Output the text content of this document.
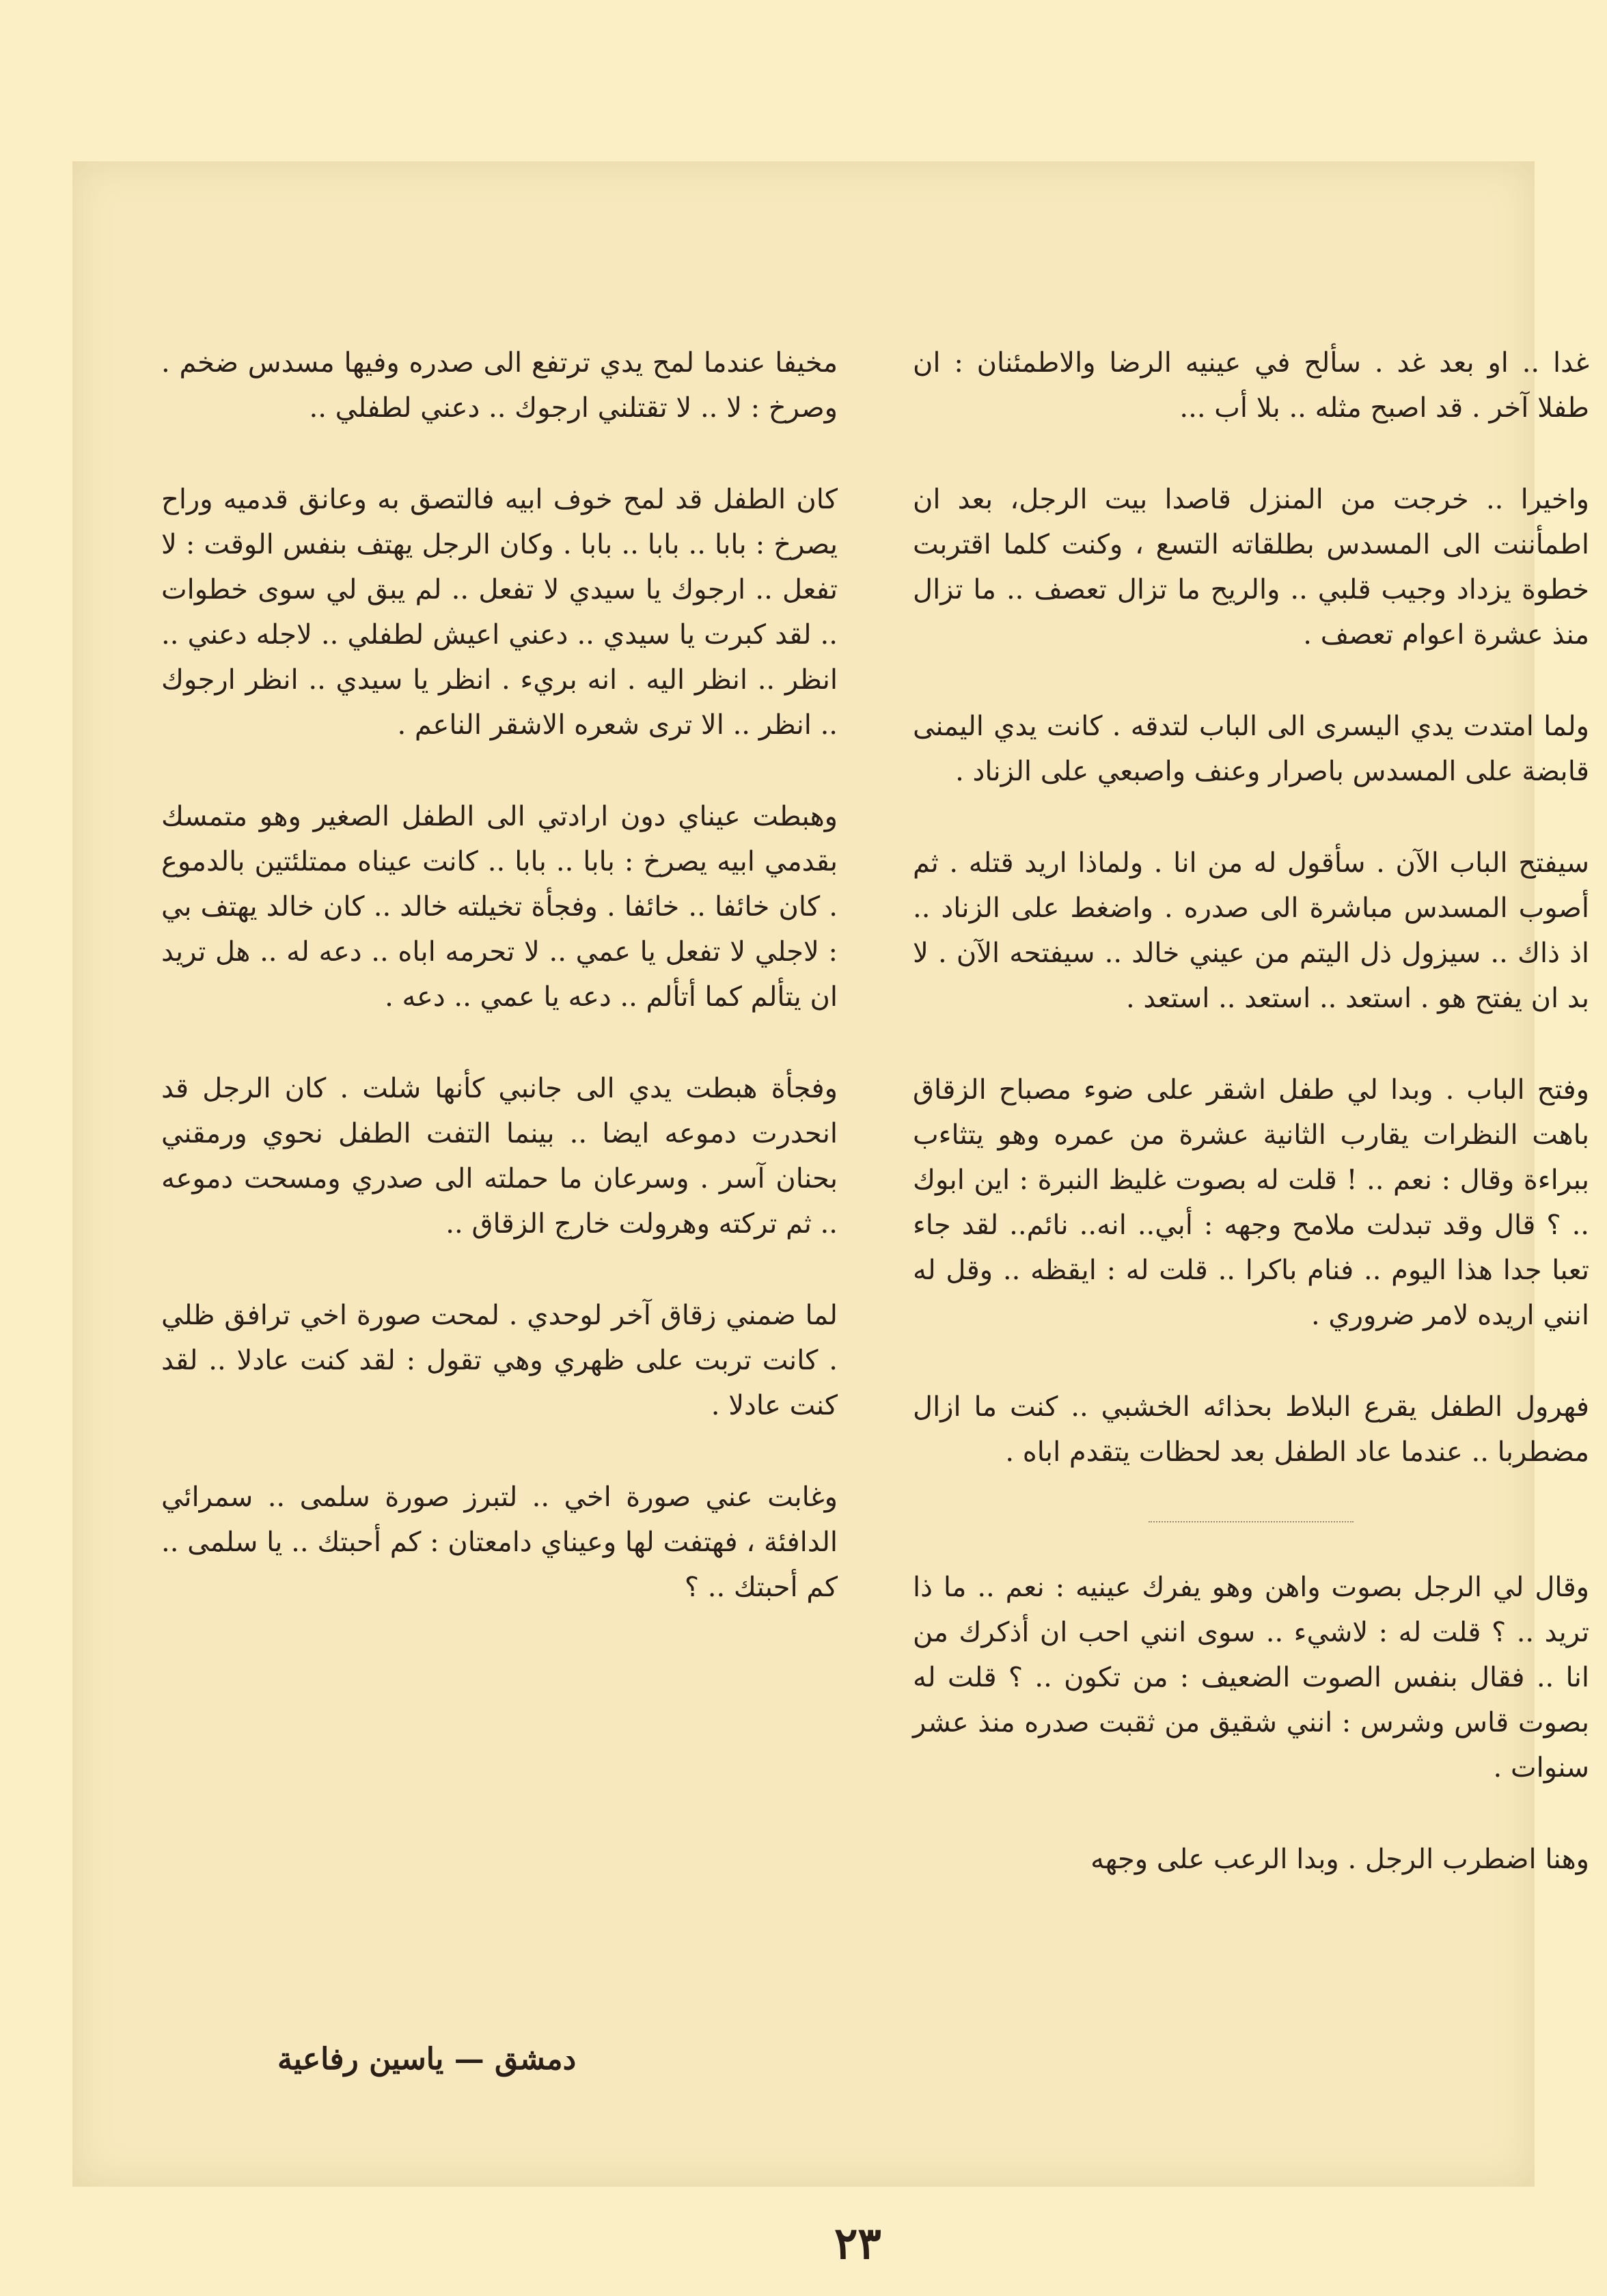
غدا .. او بعد غد . سألح في عينيه الرضا والاطمئنان : ان طفلا آخر . قد اصبح مثله .. بلا أب ...

واخيرا .. خرجت من المنزل قاصدا بيت الرجل، بعد ان اطمأننت الى المسدس بطلقاته التسع ، وكنت كلما اقتربت خطوة يزداد وجيب قلبي .. والريح ما تزال تعصف .. ما تزال منذ عشرة اعوام تعصف .

ولما امتدت يدي اليسرى الى الباب لتدقه . كانت يدي اليمنى قابضة على المسدس باصرار وعنف واصبعي على الزناد .

سيفتح الباب الآن . سأقول له من انا . ولماذا اريد قتله . ثم أصوب المسدس مباشرة الى صدره . واضغط على الزناد .. اذ ذاك .. سيزول ذل اليتم من عيني خالد .. سيفتحه الآن . لا بد ان يفتح هو . استعد .. استعد .. استعد .

وفتح الباب . وبدا لي طفل اشقر على ضوء مصباح الزقاق باهت النظرات يقارب الثانية عشرة من عمره وهو يتثاءب ببراءة وقال : نعم .. ! قلت له بصوت غليظ النبرة : اين ابوك .. ؟ قال وقد تبدلت ملامح وجهه : أبي.. انه.. نائم.. لقد جاء تعبا جدا هذا اليوم .. فنام باكرا .. قلت له : ايقظه .. وقل له انني اريده لامر ضروري .

فهرول الطفل يقرع البلاط بحذائه الخشبي .. كنت ما ازال مضطربا .. عندما عاد الطفل بعد لحظات يتقدم اباه .

وقال لي الرجل بصوت واهن وهو يفرك عينيه : نعم .. ما ذا تريد .. ؟ قلت له : لاشيء .. سوى انني احب ان أذكرك من انا .. فقال بنفس الصوت الضعيف : من تكون .. ؟ قلت له بصوت قاس وشرس : انني شقيق من ثقبت صدره منذ عشر سنوات .

وهنا اضطرب الرجل . وبدا الرعب على وجهه

مخيفا عندما لمح يدي ترتفع الى صدره وفيها مسدس ضخم . وصرخ : لا .. لا تقتلني ارجوك .. دعني لطفلي ..

كان الطفل قد لمح خوف ابيه فالتصق به وعانق قدميه وراح يصرخ : بابا .. بابا .. بابا . وكان الرجل يهتف بنفس الوقت : لا تفعل .. ارجوك يا سيدي لا تفعل .. لم يبق لي سوى خطوات .. لقد كبرت يا سيدي .. دعني اعيش لطفلي .. لاجله دعني .. انظر .. انظر اليه . انه بريء . انظر يا سيدي .. انظر ارجوك .. انظر .. الا ترى شعره الاشقر الناعم .

وهبطت عيناي دون ارادتي الى الطفل الصغير وهو متمسك بقدمي ابيه يصرخ : بابا .. بابا .. كانت عيناه ممتلئتين بالدموع . كان خائفا .. خائفا . وفجأة تخيلته خالد .. كان خالد يهتف بي : لاجلي لا تفعل يا عمي .. لا تحرمه اباه .. دعه له .. هل تريد ان يتألم كما أتألم .. دعه يا عمي .. دعه .

وفجأة هبطت يدي الى جانبي كأنها شلت . كان الرجل قد انحدرت دموعه ايضا .. بينما التفت الطفل نحوي ورمقني بحنان آسر . وسرعان ما حملته الى صدري ومسحت دموعه .. ثم تركته وهرولت خارج الزقاق ..

لما ضمني زقاق آخر لوحدي . لمحت صورة اخي ترافق ظلي . كانت تربت على ظهري وهي تقول : لقد كنت عادلا .. لقد كنت عادلا .

وغابت عني صورة اخي .. لتبرز صورة سلمى .. سمرائي الدافئة ، فهتفت لها وعيناي دامعتان : كم أحبتك .. يا سلمى .. كم أحبتك .. ؟

دمشق — ياسين رفاعية
٢٣
